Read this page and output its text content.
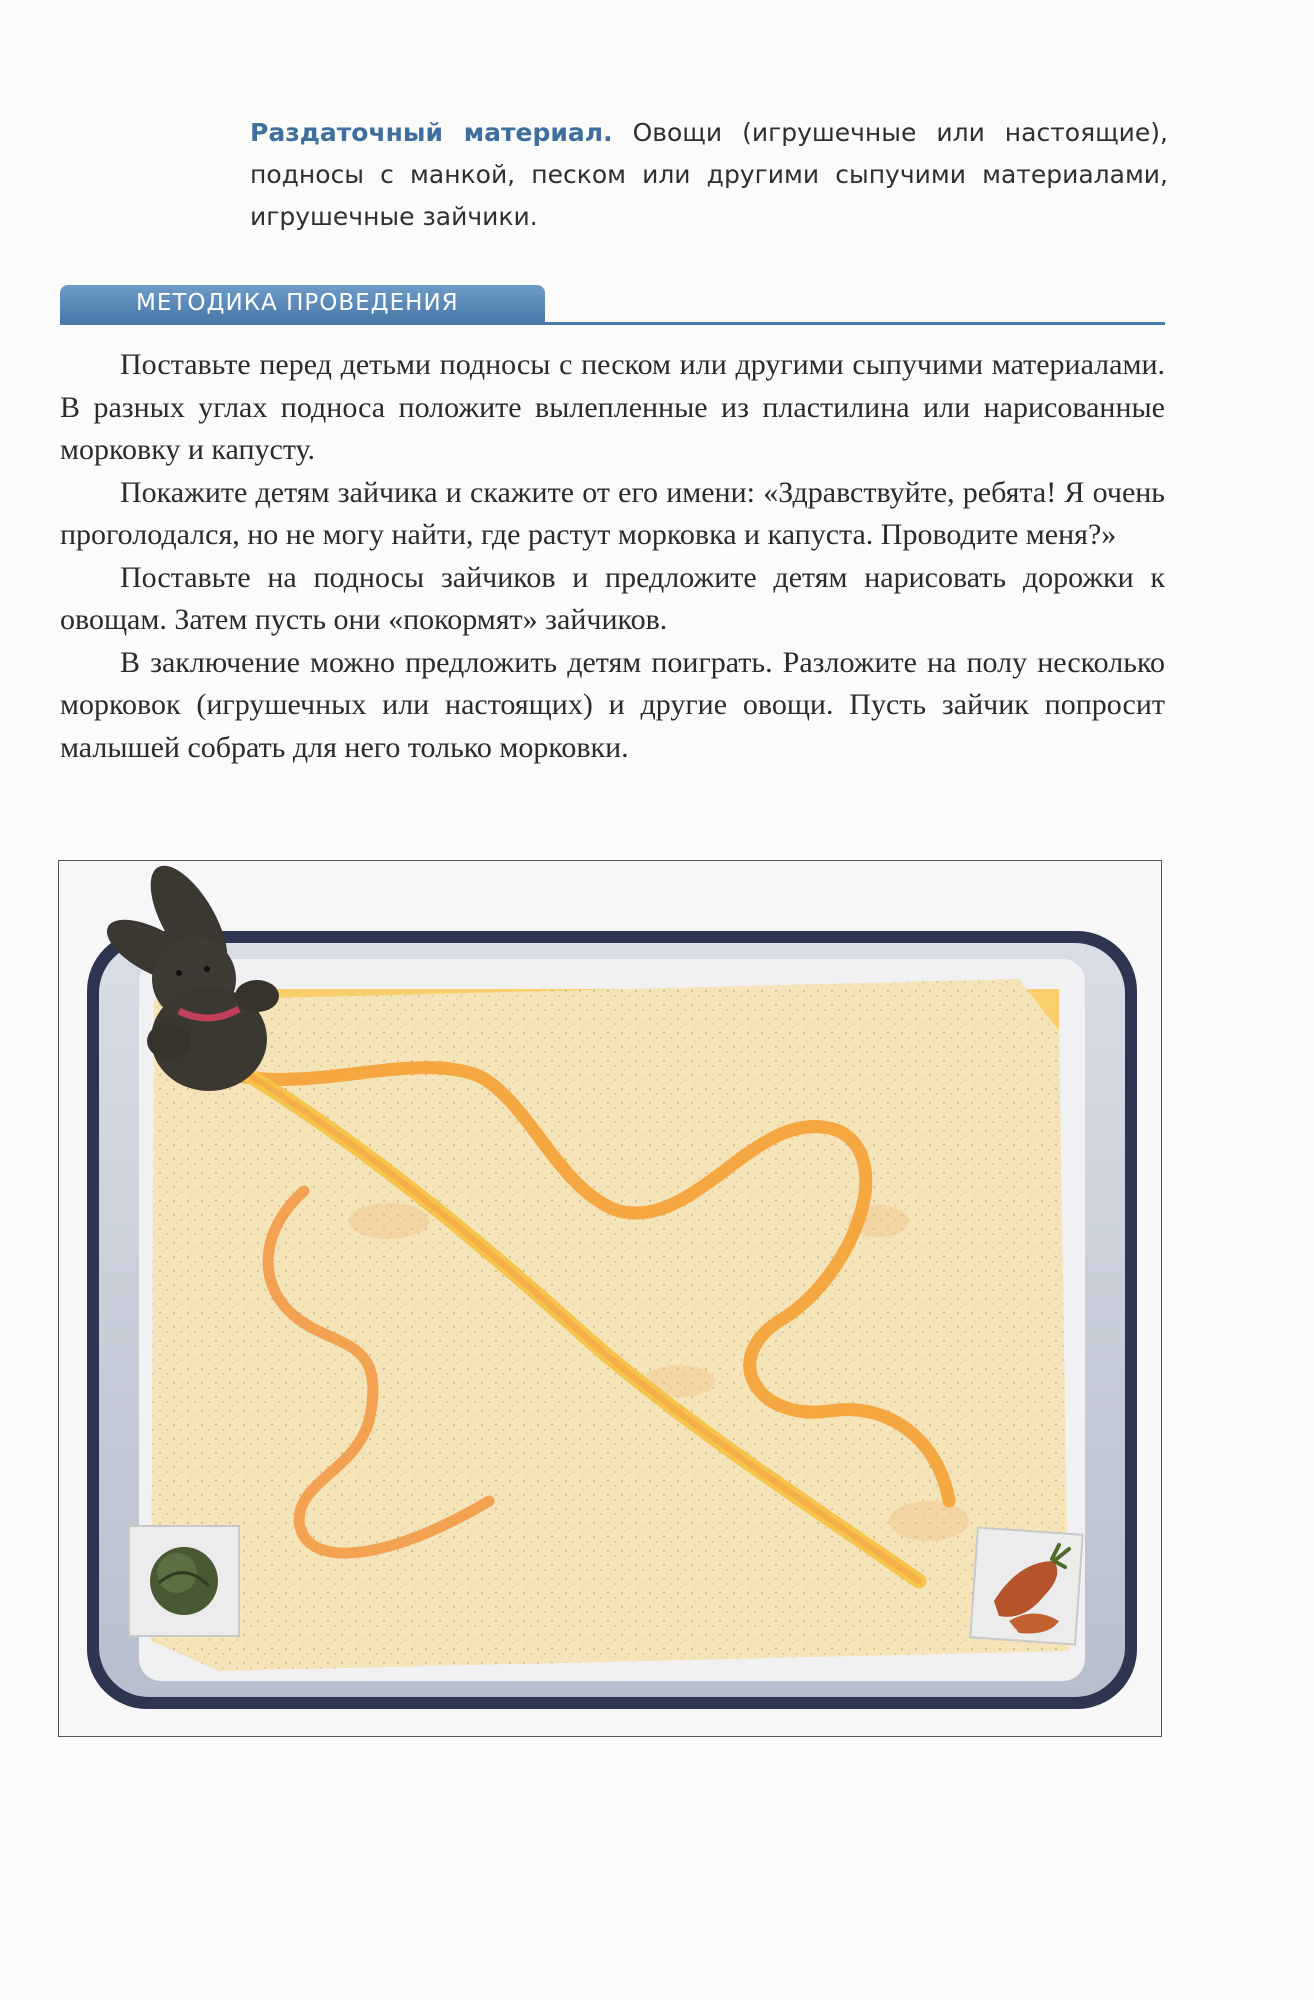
Раздаточный материал. Овощи (игрушечные или настоящие), подносы с манкой, песком или другими сыпучими материалами, игрушечные зайчики.
МЕТОДИКА ПРОВЕДЕНИЯ

Поставьте перед детьми подносы с песком или другими сыпучими материалами. В разных углах подноса положите вылепленные из пластилина или нарисованные морковку и капусту.

Покажите детям зайчика и скажите от его имени: «Здравствуйте, ребята! Я очень проголодался, но не могу найти, где растут морковка и капуста. Проводите меня?»

Поставьте на подносы зайчиков и предложите детям нарисовать дорожки к овощам. Затем пусть они «покормят» зайчиков.

В заключение можно предложить детям поиграть. Разложите на полу несколько морковок (игрушечных или настоящих) и другие овощи. Пусть зайчик попросит малышей собрать для него только морковки.
